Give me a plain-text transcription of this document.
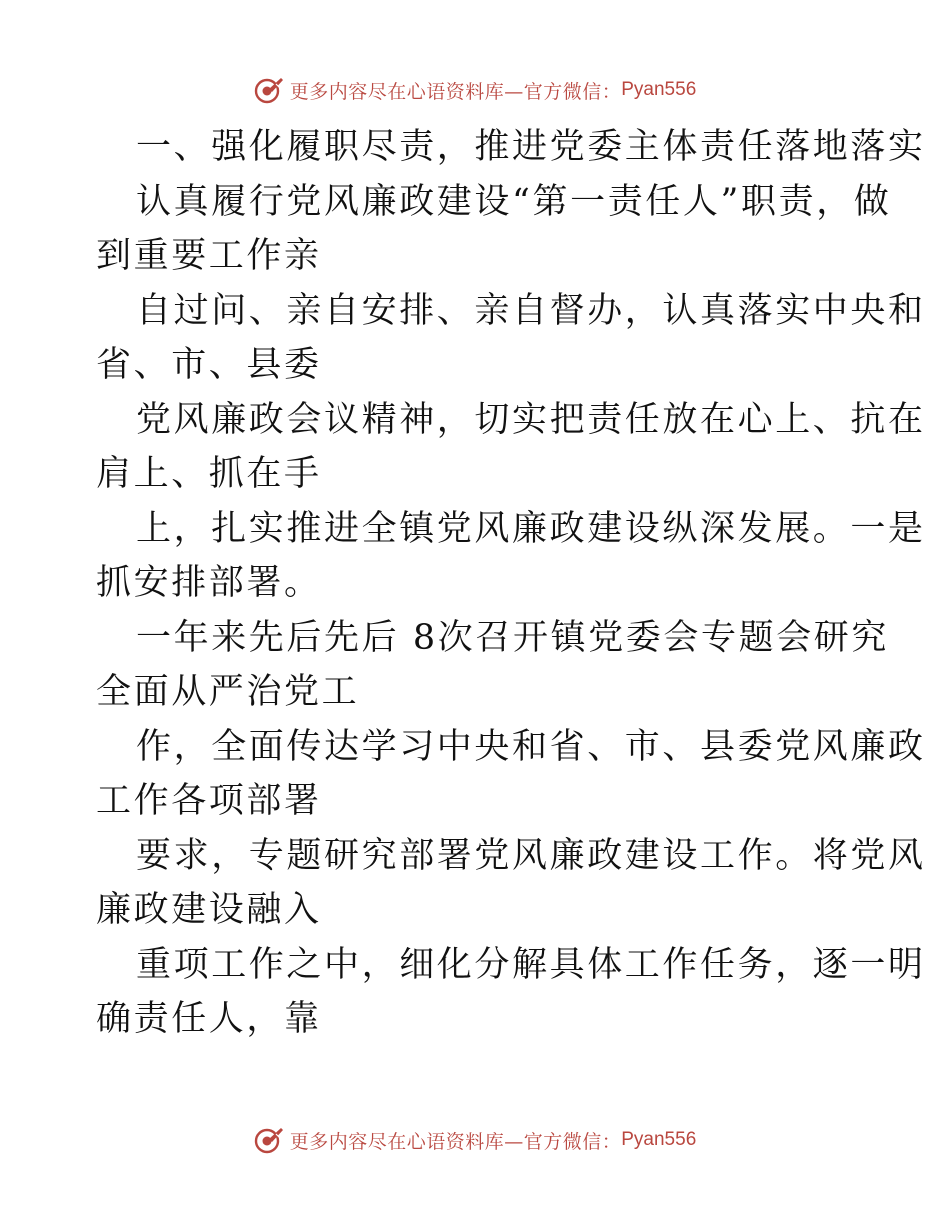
更多内容尽在心语资料库—官方微信： Pyan556
一、强化履职尽责，推进党委主体责任落地落实
认真履行党风廉政建设“第一责任人”职责，做
到重要工作亲
自过问、亲自安排、亲自督办，认真落实中央和
省、市、县委
党风廉政会议精神，切实把责任放在心上、抗在
肩上、抓在手
上，扎实推进全镇党风廉政建设纵深发展。一是
抓安排部署。
一年来先后先后 8次召开镇党委会专题会研究
全面从严治党工
作，全面传达学习中央和省、市、县委党风廉政
工作各项部署
要求，专题研究部署党风廉政建设工作。将党风
廉政建设融入
重项工作之中，细化分解具体工作任务，逐一明
确责任人，靠
更多内容尽在心语资料库—官方微信： Pyan556
